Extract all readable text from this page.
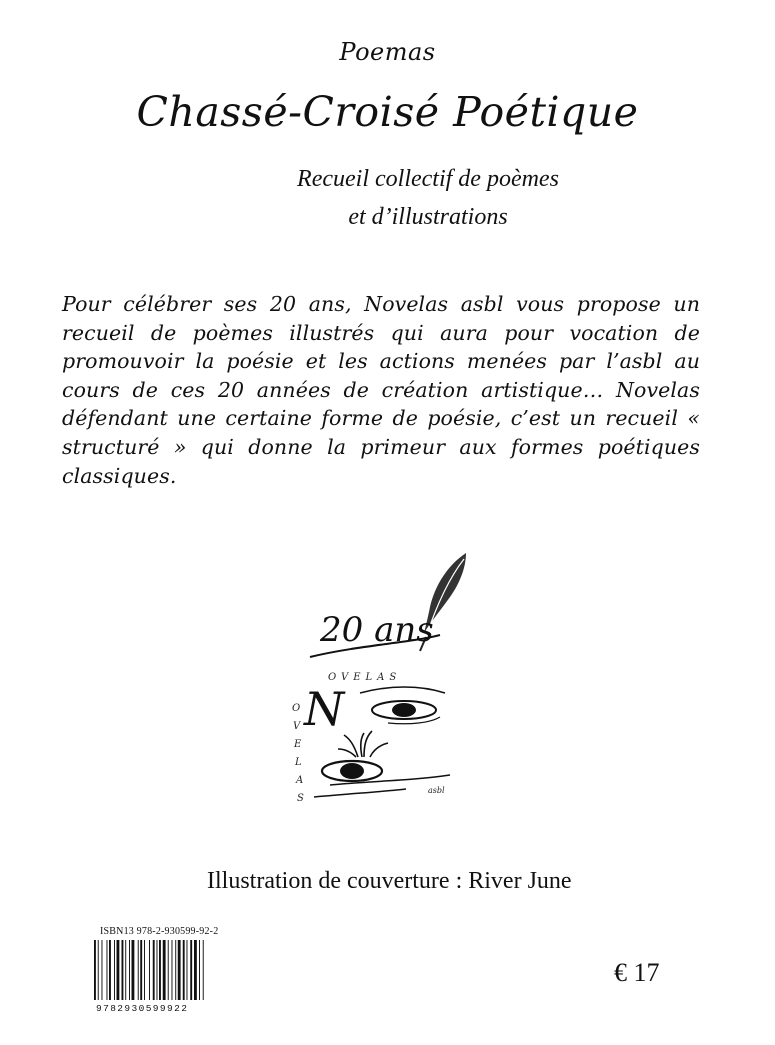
Poemas
Chassé-Croisé Poétique
Recueil collectif de poèmes
et d’illustrations
Pour célébrer ses 20 ans, Novelas asbl vous propose un recueil de poèmes illustrés qui aura pour vocation de promouvoir la poésie et les actions menées par l’asbl au cours de ces 20 années de création artistique… Novelas défendant une certaine forme de poésie, c’est un recueil « structuré » qui donne la primeur aux formes poétiques classiques.
20 ans
OVELAS
N
O
V
E
L
A
S
asbl
Illustration de couverture : River June
ISBN13 978-2-930599-92-2
9782930599922
€ 17
